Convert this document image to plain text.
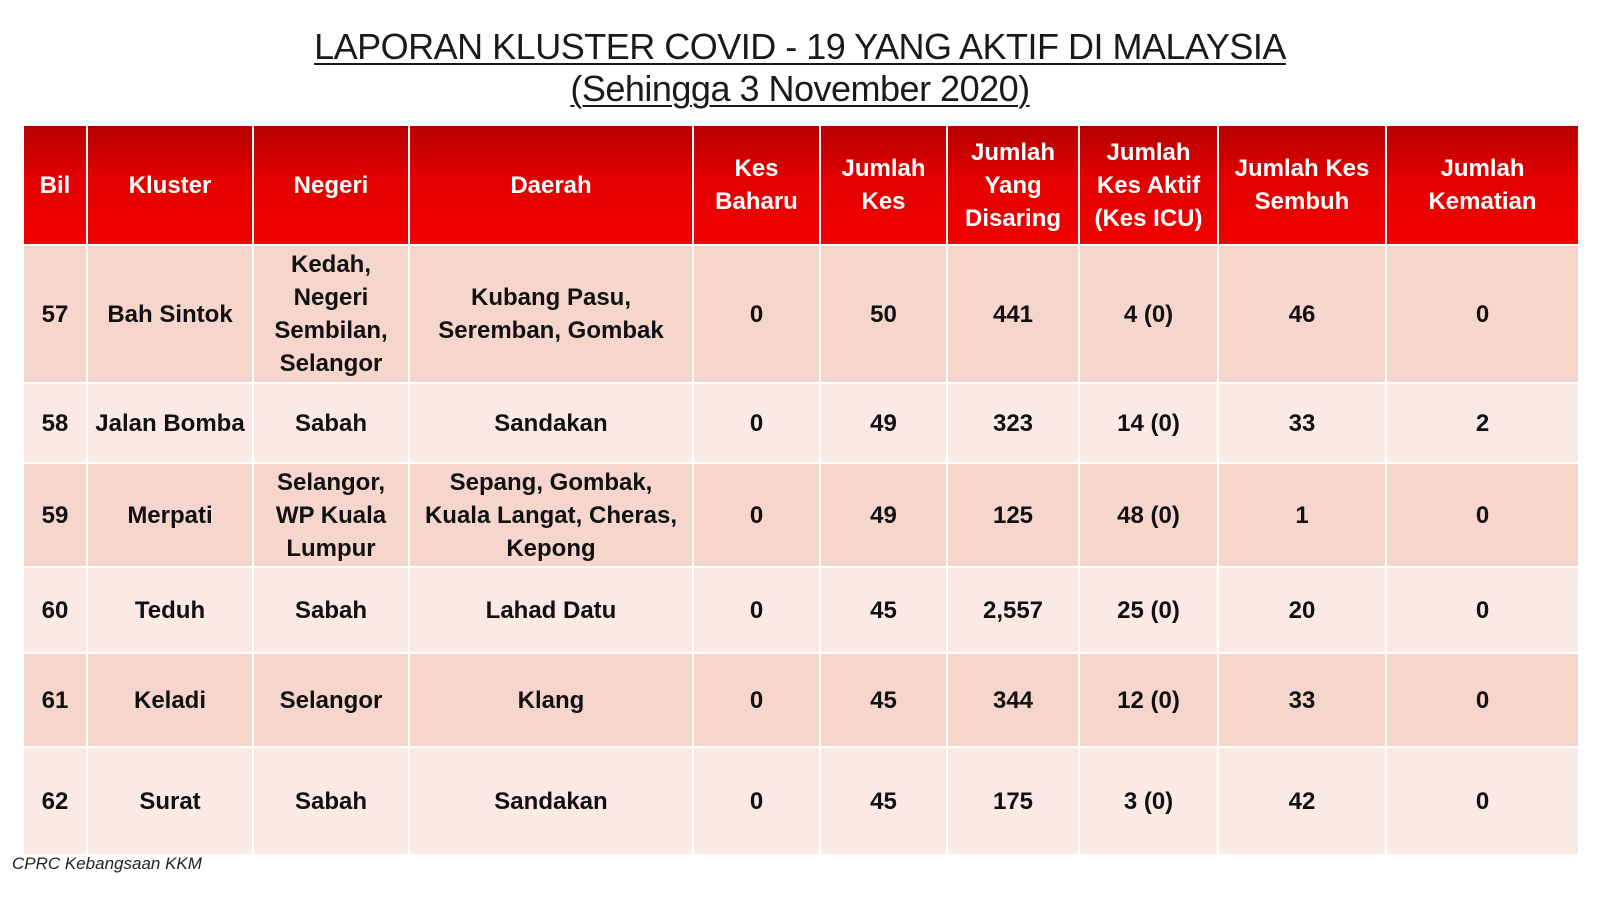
LAPORAN KLUSTER COVID - 19 YANG AKTIF DI MALAYSIA
(Sehingga 3 November 2020)
Bil	Kluster	Negeri	Daerah	Kes Baharu	Jumlah Kes	Jumlah Yang Disaring	Jumlah Kes Aktif (Kes ICU)	Jumlah Kes Sembuh	Jumlah Kematian
57	Bah Sintok	Kedah, Negeri Sembilan, Selangor	Kubang Pasu, Seremban, Gombak	0	50	441	4 (0)	46	0
58	Jalan Bomba	Sabah	Sandakan	0	49	323	14 (0)	33	2
59	Merpati	Selangor, WP Kuala Lumpur	Sepang, Gombak, Kuala Langat, Cheras, Kepong	0	49	125	48 (0)	1	0
60	Teduh	Sabah	Lahad Datu	0	45	2,557	25 (0)	20	0
61	Keladi	Selangor	Klang	0	45	344	12 (0)	33	0
62	Surat	Sabah	Sandakan	0	45	175	3 (0)	42	0
CPRC Kebangsaan KKM
